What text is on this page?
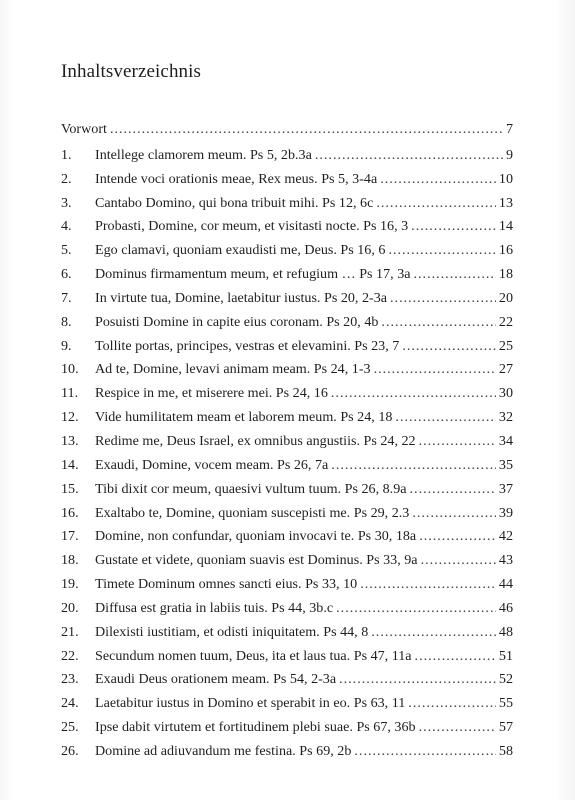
Inhaltsverzeichnis
Vorwort .....	7
1.	Intellege clamorem meum. Ps 5, 2b.3a .....	9
2.	Intende voci orationis meae, Rex meus. Ps 5, 3-4a .....	10
3.	Cantabo Domino, qui bona tribuit mihi. Ps 12, 6c .....	13
4.	Probasti, Domine, cor meum, et visitasti nocte. Ps 16, 3 .....	14
5.	Ego clamavi, quoniam exaudisti me, Deus. Ps 16, 6 .....	16
6.	Dominus firmamentum meum, et refugium … Ps 17, 3a .....	18
7.	In virtute tua, Domine, laetabitur iustus. Ps 20, 2-3a .....	20
8.	Posuisti Domine in capite eius coronam. Ps 20, 4b .....	22
9.	Tollite portas, principes, vestras et elevamini. Ps 23, 7 .....	25
10.	Ad te, Domine, levavi animam meam. Ps 24, 1-3 .....	27
11.	Respice in me, et miserere mei. Ps 24, 16 .....	30
12.	Vide humilitatem meam et laborem meum. Ps 24, 18 .....	32
13.	Redime me, Deus Israel, ex omnibus angustiis. Ps 24, 22 .....	34
14.	Exaudi, Domine, vocem meam. Ps 26, 7a .....	35
15.	Tibi dixit cor meum, quaesivi vultum tuum. Ps 26, 8.9a .....	37
16.	Exaltabo te, Domine, quoniam suscepisti me. Ps 29, 2.3 .....	39
17.	Domine, non confundar, quoniam invocavi te. Ps 30, 18a .....	42
18.	Gustate et videte, quoniam suavis est Dominus. Ps 33, 9a .....	43
19.	Timete Dominum omnes sancti eius. Ps 33, 10 .....	44
20.	Diffusa est gratia in labiis tuis. Ps 44, 3b.c .....	46
21.	Dilexisti iustitiam, et odisti iniquitatem. Ps 44, 8 .....	48
22.	Secundum nomen tuum, Deus, ita et laus tua. Ps 47, 11a .....	51
23.	Exaudi Deus orationem meam. Ps 54, 2-3a .....	52
24.	Laetabitur iustus in Domino et sperabit in eo. Ps 63, 11 .....	55
25.	Ipse dabit virtutem et fortitudinem plebi suae. Ps 67, 36b .....	57
26.	Domine ad adiuvandum me festina. Ps 69, 2b .....	58
